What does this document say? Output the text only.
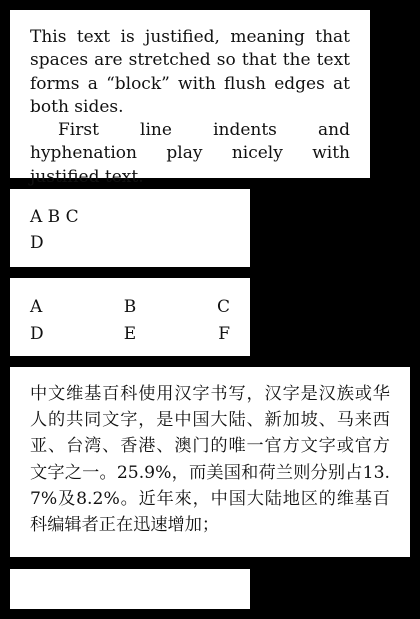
This text is justified, meaning that spaces are stretched so that the text forms a “block” with flush edges at both sides.

First line indents and hyphenation play nicely with justified text.

A B C
D
A	B	C
D	E	F

中文维基百科使用汉字书写，汉字是汉族或华人的共同文字，是中国大陆、新加坡、马来西亚、台湾、香港、澳门的唯一官方文字或官方文字之一。25.9%，而美国和荷兰则分别占13.7%及8.2%。近年來，中国大陆地区的维基百科编辑者正在迅速增加；
